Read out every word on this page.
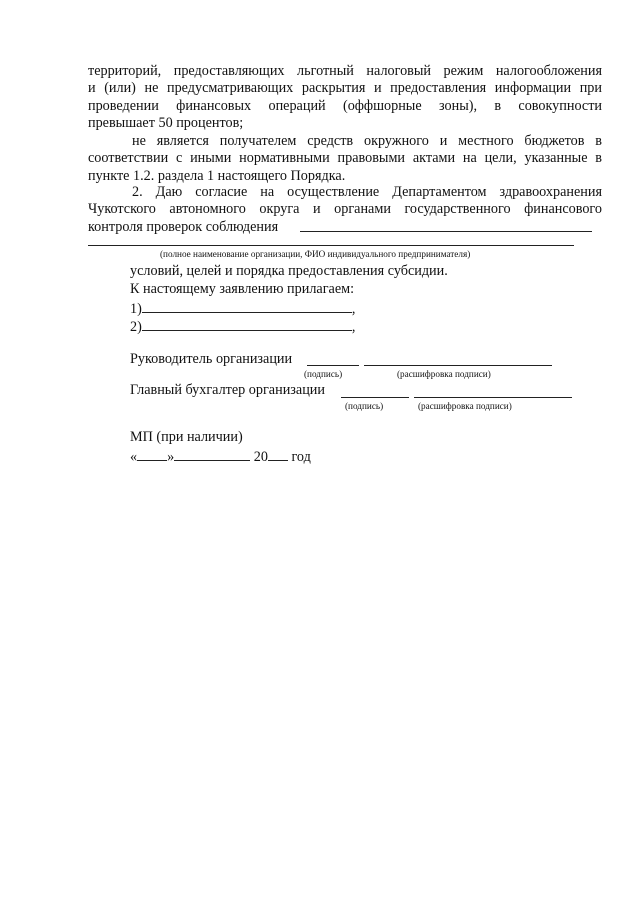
территорий, предоставляющих льготный налоговый режим налогообложения
и (или) не предусматривающих раскрытия и предоставления информации при
проведении финансовых операций (оффшорные зоны), в совокупности
превышает 50 процентов;
не является получателем средств окружного и местного бюджетов в
соответствии с иными нормативными правовыми актами на цели, указанные в
пункте 1.2. раздела 1 настоящего Порядка.
2. Даю согласие на осуществление Департаментом здравоохранения
Чукотского автономного округа и органами государственного финансового
контроля проверок соблюдения
(полное наименование организации, ФИО индивидуального предпринимателя)
условий, целей и порядка предоставления субсидии.
К настоящему заявлению прилагаем:
1)	,
2)	,
Руководитель организации
(подпись)	(расшифровка подписи)
Главный бухгалтер организации
(подпись)	(расшифровка подписи)
МП (при наличии)
« »	20 год
